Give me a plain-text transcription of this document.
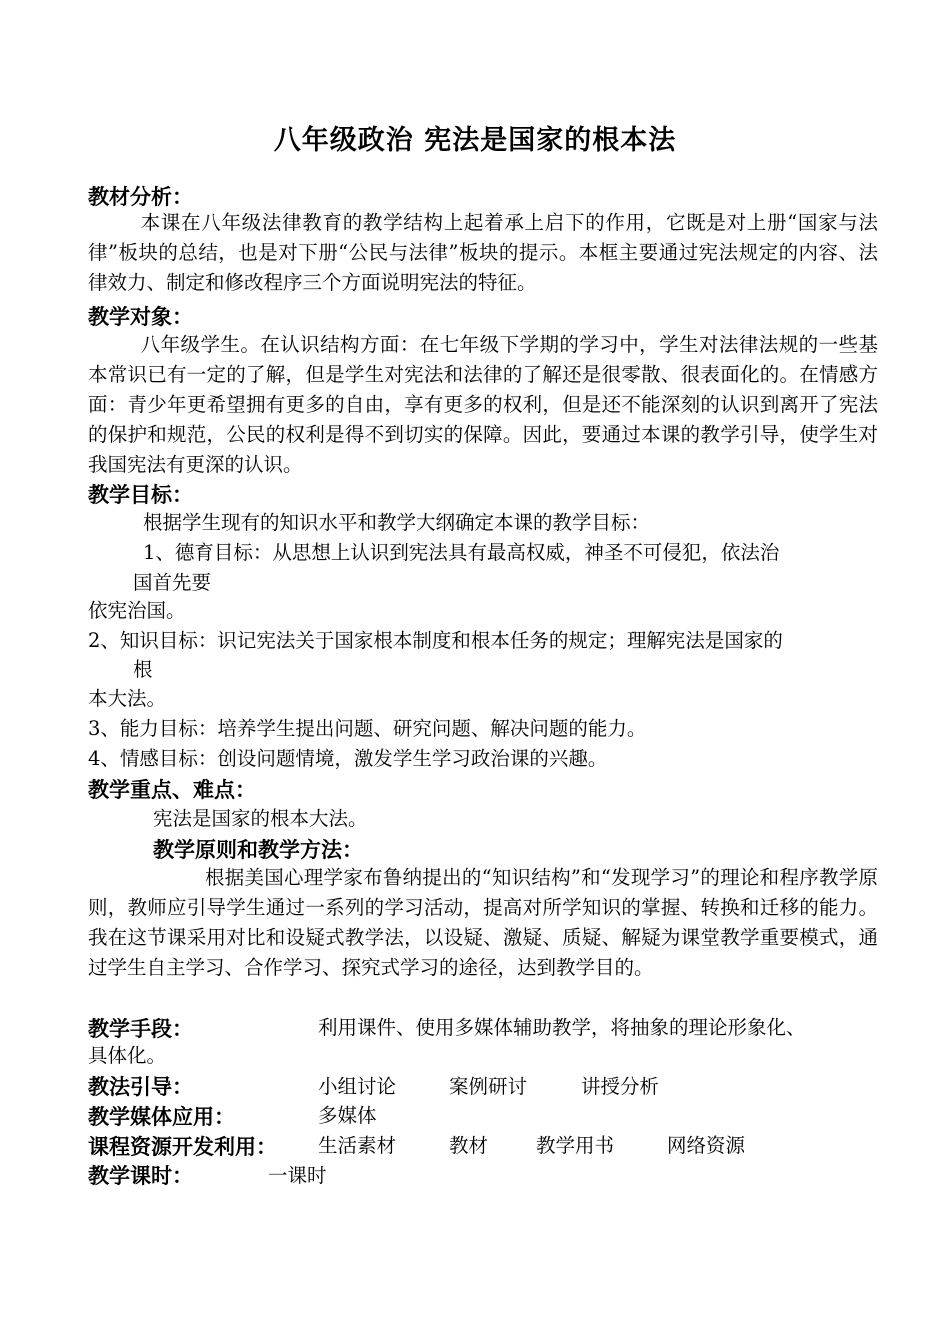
八年级政治 宪法是国家的根本法
教材分析：
本课在八年级法律教育的教学结构上起着承上启下的作用，它既是对上册“国家与法律”板块的总结，也是对下册“公民与法律”板块的提示。本框主要通过宪法规定的内容、法律效力、制定和修改程序三个方面说明宪法的特征。
教学对象：
八年级学生。在认识结构方面：在七年级下学期的学习中，学生对法律法规的一些基本常识已有一定的了解，但是学生对宪法和法律的了解还是很零散、很表面化的。在情感方面：青少年更希望拥有更多的自由，享有更多的权利，但是还不能深刻的认识到离开了宪法的保护和规范，公民的权利是得不到切实的保障。因此，要通过本课的教学引导，使学生对我国宪法有更深的认识。
教学目标：
根据学生现有的知识水平和教学大纲确定本课的教学目标：
1、德育目标：从思想上认识到宪法具有最高权威，神圣不可侵犯，依法治
国首先要
依宪治国。
2、知识目标：识记宪法关于国家根本制度和根本任务的规定；理解宪法是国家的
根
本大法。
3、能力目标：培养学生提出问题、研究问题、解决问题的能力。
4、情感目标：创设问题情境，激发学生学习政治课的兴趣。
教学重点、难点：
宪法是国家的根本大法。
教学原则和教学方法：
根据美国心理学家布鲁纳提出的“知识结构”和“发现学习”的理论和程序教学原则，教师应引导学生通过一系列的学习活动，提高对所学知识的掌握、转换和迁移的能力。我在这节课采用对比和设疑式教学法，以设疑、激疑、质疑、解疑为课堂教学重要模式，通过学生自主学习、合作学习、探究式学习的途径，达到教学目的。
教学手段：	利用课件、使用多媒体辅助教学，将抽象的理论形象化、
具体化。
教法引导：	小组讨论	案例研讨	讲授分析
教学媒体应用：	多媒体
课程资源开发利用： 生活素材	教材 教学用书	网络资源
教学课时：	一课时
